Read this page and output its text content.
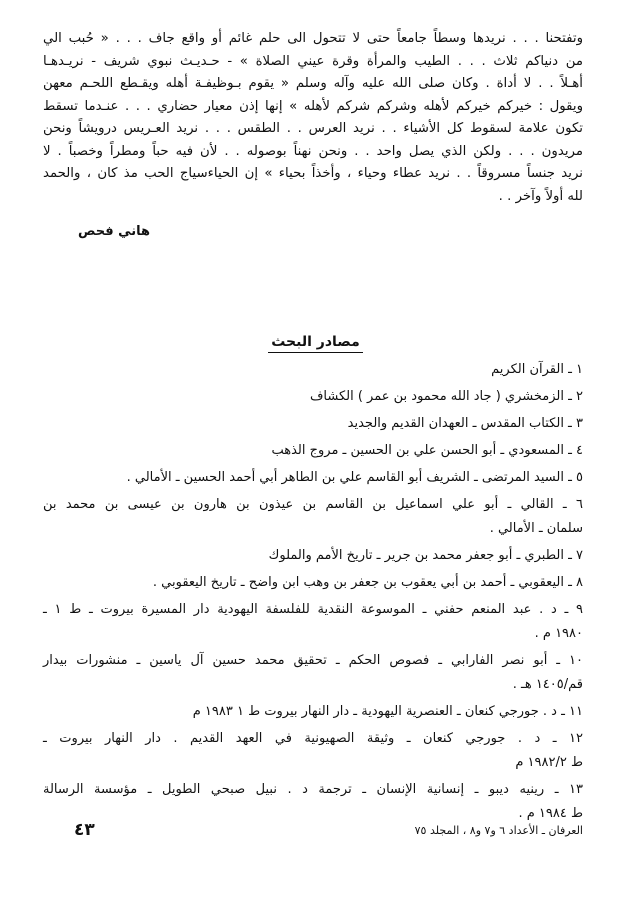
وتفتحنا . . . نريدها وسطاً جامعاً حتى لا تتحول الى حلم غائم أو واقع جاف . . . « حُبب الي
من دنياكم ثلاث . . . الطيب والمرأة وقرة عيني الصلاة » - حـديـث نبوي شريف - نريـدهـا
أهـلاً . . لا أداة . وكان صلى الله عليه وآله وسلم « يقوم بـوظيفـة أهله ويقـطع اللحـم معهن
ويقول : خيركم خيركم لأهله وشركم شركم لأهله » إنها إذن معيار حضاري . . . عنـدما تسقط
تكون علامة لسقوط كل الأشياء . . نريد العرس . . الطقس . . . نريد العـريس درويشاً ونحن
مريدون . . . ولكن الذي يصل واحد . . ونحن نهناً بوصوله . . لأن فيه حباً ومطراً وخصباً . لا
نريد جنساً مسروقاً . . نريد عطاء وحياء ، وأخذاً بحياء » إن الحياءسياج الحب مذ كان ، والحمد
لله أولاً وآخر . .
هاني فحص
مصادر البحث
١ ـ القرآن الكريم
٢ ـ الزمخشري ( جاد الله محمود بن عمر ) الكشاف
٣ ـ الكتاب المقدس ـ العهدان القديم والجديد
٤ ـ المسعودي ـ أبو الحسن علي بن الحسين ـ مروج الذهب
٥ ـ السيد المرتضى ـ الشريف أبو القاسم علي بن الطاهر أبي أحمد الحسين ـ الأمالي .
٦ ـ القالي ـ أبو علي اسماعيل بن القاسم بن عيذون بن هارون بن عيسى بن محمد بن
سلمان ـ الأمالي .
٧ ـ الطبري ـ أبو جعفر محمد بن جرير ـ تاريخ الأمم والملوك
٨ ـ اليعقوبي ـ أحمد بن أبي يعقوب بن جعفر بن وهب ابن واضح ـ تاريخ اليعقوبي .
٩ ـ د . عبد المنعم حفني ـ الموسوعة النقدية للفلسفة اليهودية دار المسيرة بيروت ـ ط ١ ـ
١٩٨٠ م .
١٠ ـ أبو نصر الفارابي ـ فصوص الحكم ـ تحقيق محمد حسين آل ياسين ـ منشورات بيدار
قم/١٤٠٥ هـ .
١١ ـ د . جورجي كنعان ـ العنصرية اليهودية ـ دار النهار بيروت ط ١ ١٩٨٣ م
١٢ ـ د . جورجي كنعان ـ وثيقة الصهيونية في العهد القديم . دار النهار بيروت ـ
ط ١٩٨٢/٢ م
١٣ ـ رينيه ديبو ـ إنسانية الإنسان ـ ترجمة د . نبيل صبحي الطويل ـ مؤسسة الرسالة
ط ١٩٨٤ م .
٤٣	العرفان ـ الأعداد ٦ و٧ و٨ ، المجلد ٧٥
